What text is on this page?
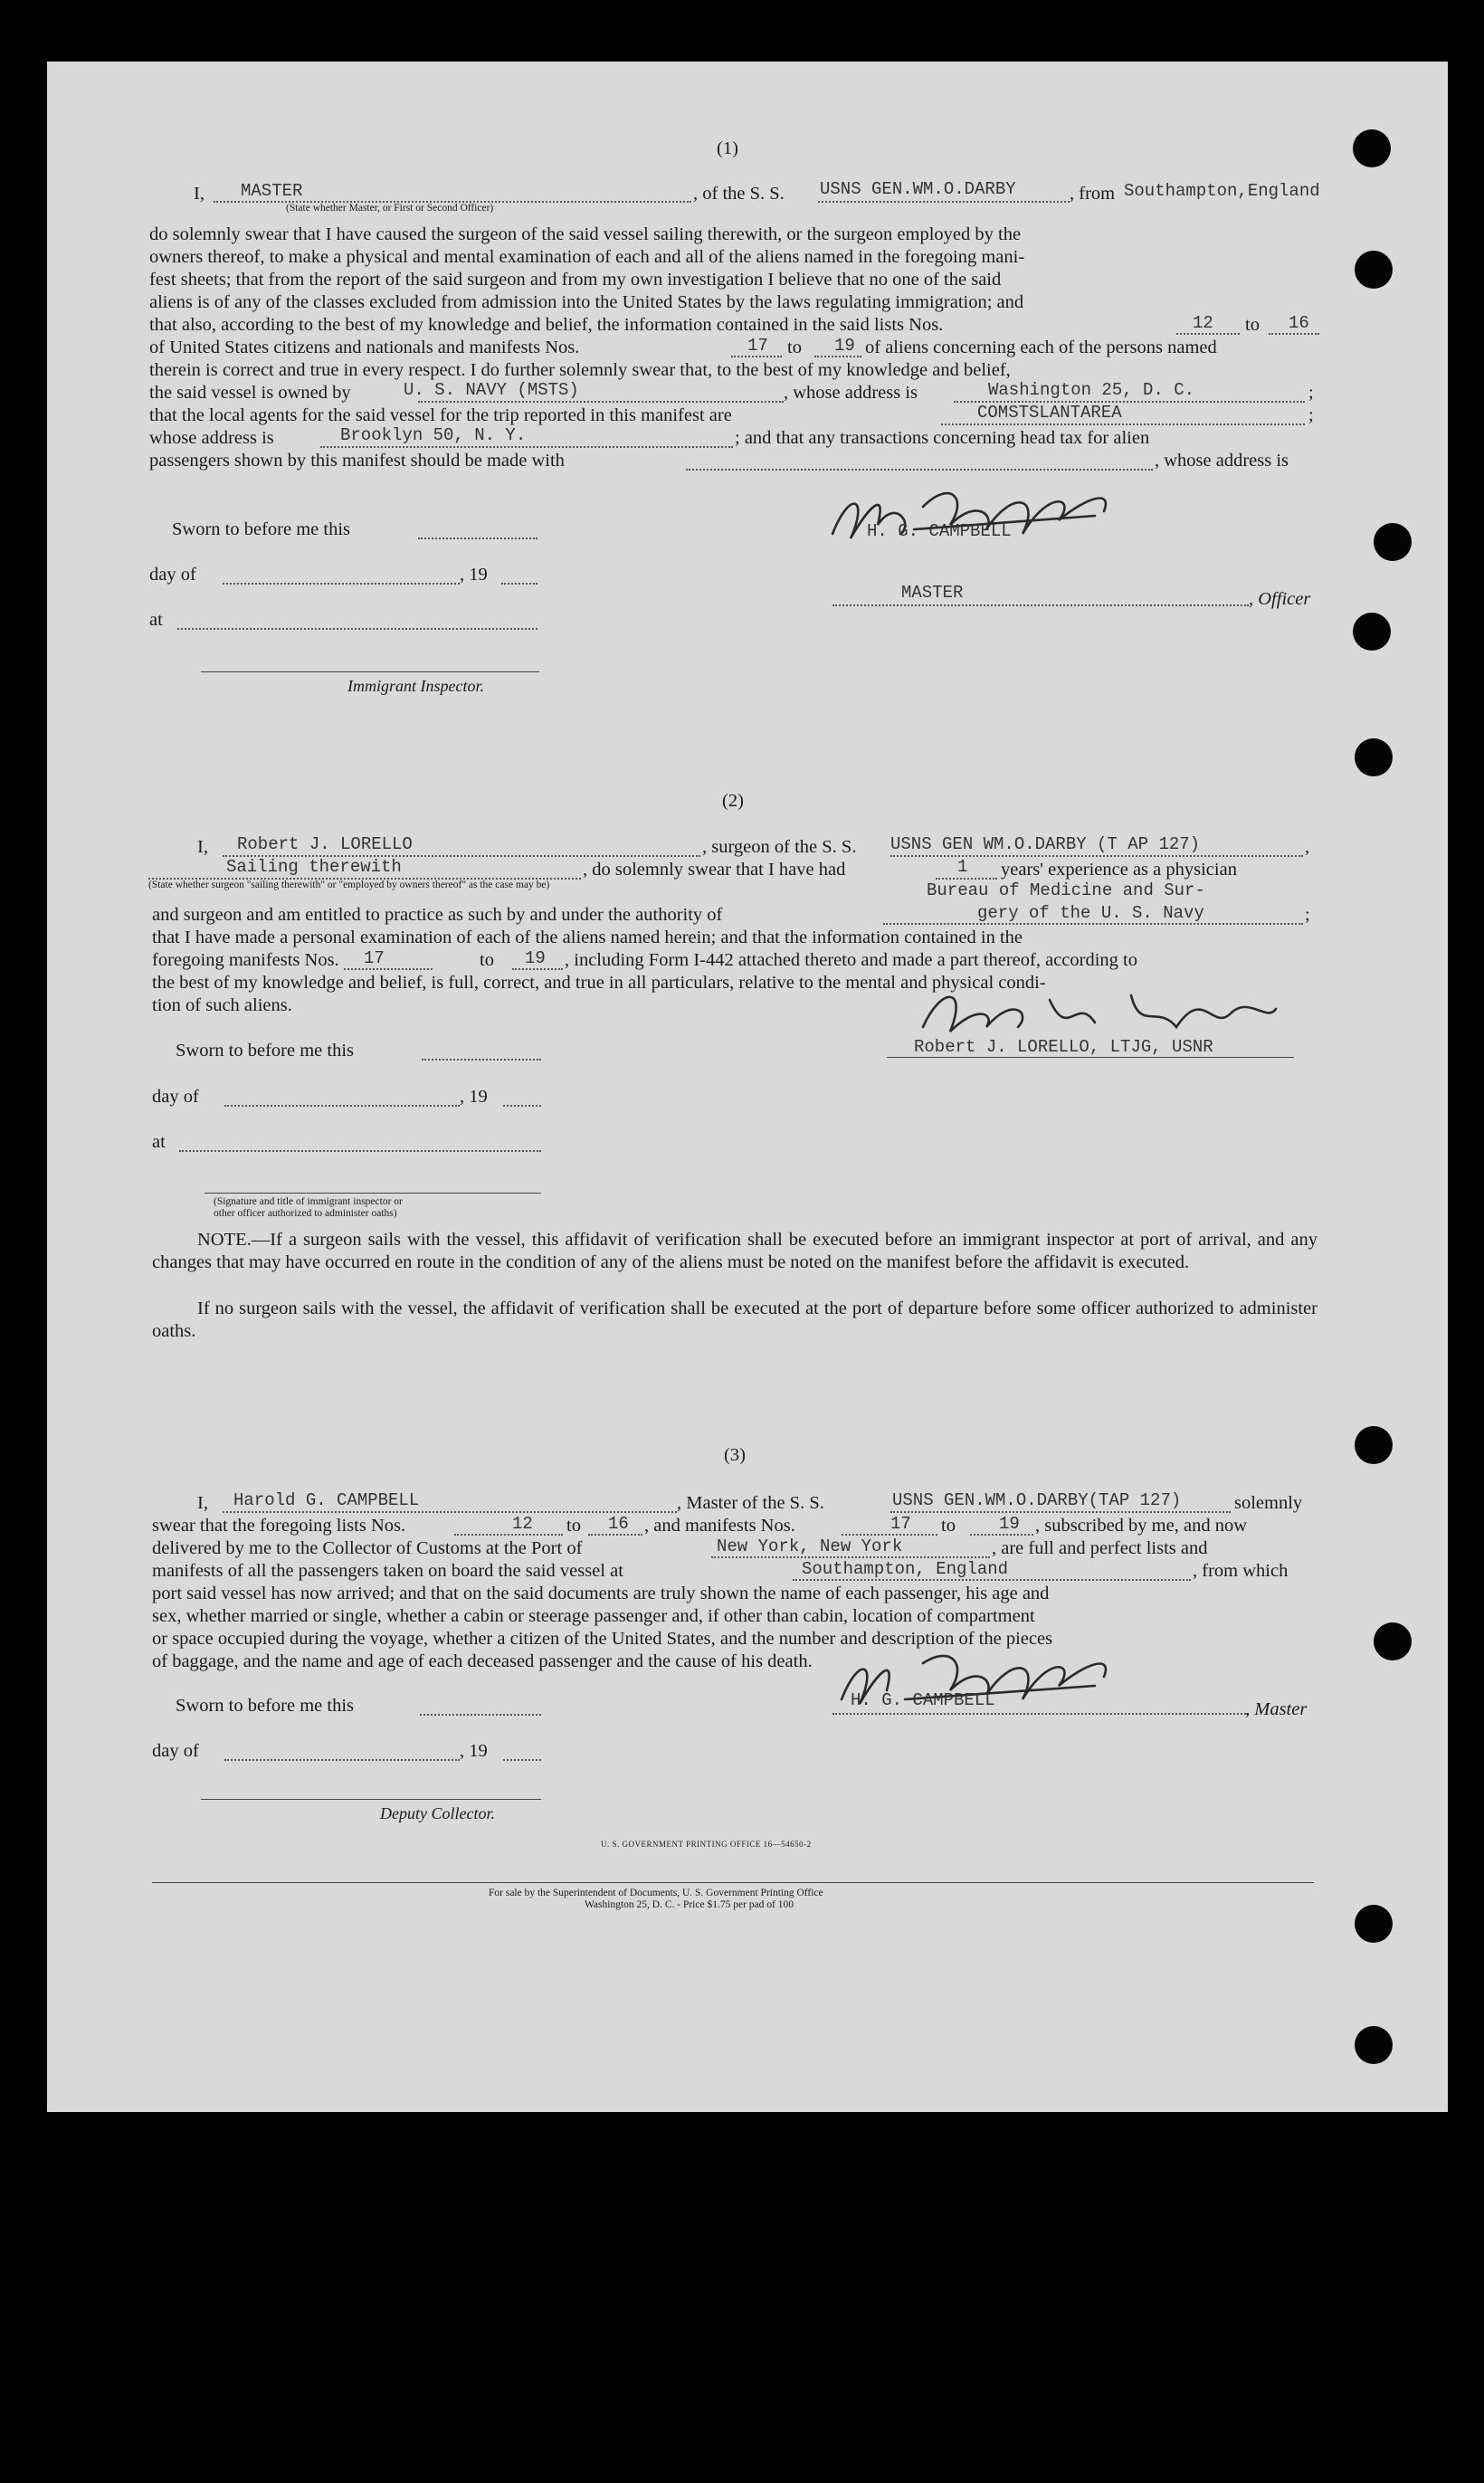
(1)
I, MASTER
(State whether Master, or First or Second Officer)
, of the S. S. USNS GEN.WM.O.DARBY	, from Southampton,England
do solemnly swear that I have caused the surgeon of the said vessel sailing therewith, or the surgeon employed by the
owners thereof, to make a physical and mental examination of each and all of the aliens named in the foregoing mani-
fest sheets; that from the report of the said surgeon and from my own investigation I believe that no one of the said
aliens is of any of the classes excluded from admission into the United States by the laws regulating immigration; and
that also, according to the best of my knowledge and belief, the information contained in the said lists Nos.	12 to 16
of United States citizens and nationals and manifests Nos.	17 to 19 of aliens concerning each of the persons named
therein is correct and true in every respect. I do further solemnly swear that, to the best of my knowledge and belief,
the said vessel is owned by	U. S. NAVY (MSTS)	, whose address is	Washington 25, D. C.	;
that the local agents for the said vessel for the trip reported in this manifest are	COMSTSLANTAREA	;
whose address is	Brooklyn 50, N. Y.	; and that any transactions concerning head tax for alien
passengers shown by this manifest should be made with	, whose address is
Sworn to before me this
day of	, 19
at
Immigrant Inspector.
H. G. CAMPBELL
MASTER	, Officer
(2)
I, Robert J. LORELLO	, surgeon of the S. S. USNS GEN WM.O.DARBY (T AP 127)	,
Sailing therewith
(State whether surgeon "sailing therewith" or "employed by owners thereof" as the case may be)
, do solemnly swear that I have had	1 years' experience as a physician
Bureau of Medicine and Sur-
and surgeon and am entitled to practice as such by and under the authority of	gery of the U. S. Navy	;
that I have made a personal examination of each of the aliens named herein; and that the information contained in the
foregoing manifests Nos. 17	to 19 , including Form I-442 attached thereto and made a part thereof, according to
the best of my knowledge and belief, is full, correct, and true in all particulars, relative to the mental and physical condi-
tion of such aliens.
Robert J. LORELLO, LTJG, USNR
Sworn to before me this
day of	, 19
at
(Signature and title of immigrant inspector or
other officer authorized to administer oaths)
NOTE.—If a surgeon sails with the vessel, this affidavit of verification shall be executed before an immigrant inspector at port of arrival, and any changes that may have occurred en route in the condition of any of the aliens must be noted on the manifest before the affidavit is executed.
If no surgeon sails with the vessel, the affidavit of verification shall be executed at the port of departure before some officer authorized to administer oaths.
(3)
I, Harold G. CAMPBELL	, Master of the S. S.	USNS GEN.WM.O.DARBY(TAP 127)	solemnly
swear that the foregoing lists Nos.	12 to 16 , and manifests Nos.	17 to	19 , subscribed by me, and now
delivered by me to the Collector of Customs at the Port of	New York, New York	, are full and perfect lists and
manifests of all the passengers taken on board the said vessel at	Southampton, England	, from which
port said vessel has now arrived; and that on the said documents are truly shown the name of each passenger, his age and
sex, whether married or single, whether a cabin or steerage passenger and, if other than cabin, location of compartment
or space occupied during the voyage, whether a citizen of the United States, and the number and description of the pieces
of baggage, and the name and age of each deceased passenger and the cause of his death.
H. G. CAMPBELL	, Master
Sworn to before me this
day of	, 19
Deputy Collector.
U. S. GOVERNMENT PRINTING OFFICE 16—54650-2
For sale by the Superintendent of Documents, U. S. Government Printing Office
Washington 25, D. C. - Price $1.75 per pad of 100
